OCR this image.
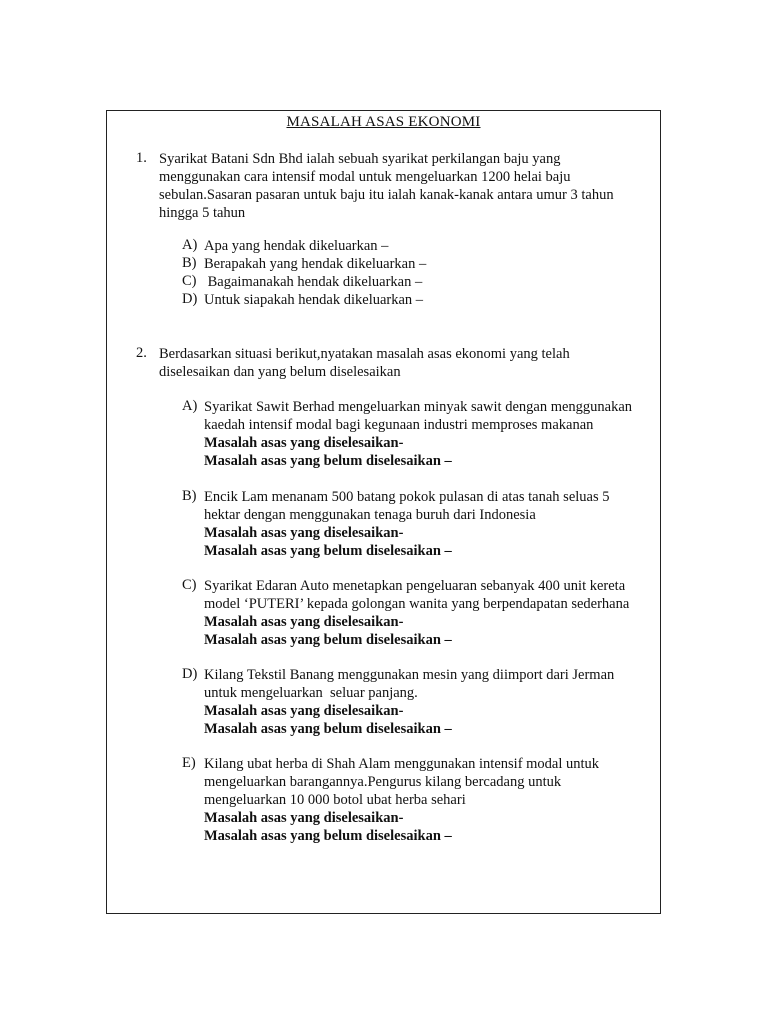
MASALAH ASAS EKONOMI
1. Syarikat Batani Sdn Bhd ialah sebuah syarikat perkilangan baju yang
menggunakan cara intensif modal untuk mengeluarkan 1200 helai baju
sebulan.Sasaran pasaran untuk baju itu ialah kanak-kanak antara umur 3 tahun
hingga 5 tahun
A) Apa yang hendak dikeluarkan –
B) Berapakah yang hendak dikeluarkan –
C) Bagaimanakah hendak dikeluarkan –
D) Untuk siapakah hendak dikeluarkan –
2. Berdasarkan situasi berikut,nyatakan masalah asas ekonomi yang telah
diselesaikan dan yang belum diselesaikan
A) Syarikat Sawit Berhad mengeluarkan minyak sawit dengan menggunakan
kaedah intensif modal bagi kegunaan industri memproses makanan
Masalah asas yang diselesaikan-
Masalah asas yang belum diselesaikan –
B) Encik Lam menanam 500 batang pokok pulasan di atas tanah seluas 5
hektar dengan menggunakan tenaga buruh dari Indonesia
Masalah asas yang diselesaikan-
Masalah asas yang belum diselesaikan –
C) Syarikat Edaran Auto menetapkan pengeluaran sebanyak 400 unit kereta
model ‘PUTERI’ kepada golongan wanita yang berpendapatan sederhana
Masalah asas yang diselesaikan-
Masalah asas yang belum diselesaikan –
D) Kilang Tekstil Banang menggunakan mesin yang diimport dari Jerman
untuk mengeluarkan  seluar panjang.
Masalah asas yang diselesaikan-
Masalah asas yang belum diselesaikan –
E) Kilang ubat herba di Shah Alam menggunakan intensif modal untuk
mengeluarkan barangannya.Pengurus kilang bercadang untuk
mengeluarkan 10 000 botol ubat herba sehari
Masalah asas yang diselesaikan-
Masalah asas yang belum diselesaikan –
